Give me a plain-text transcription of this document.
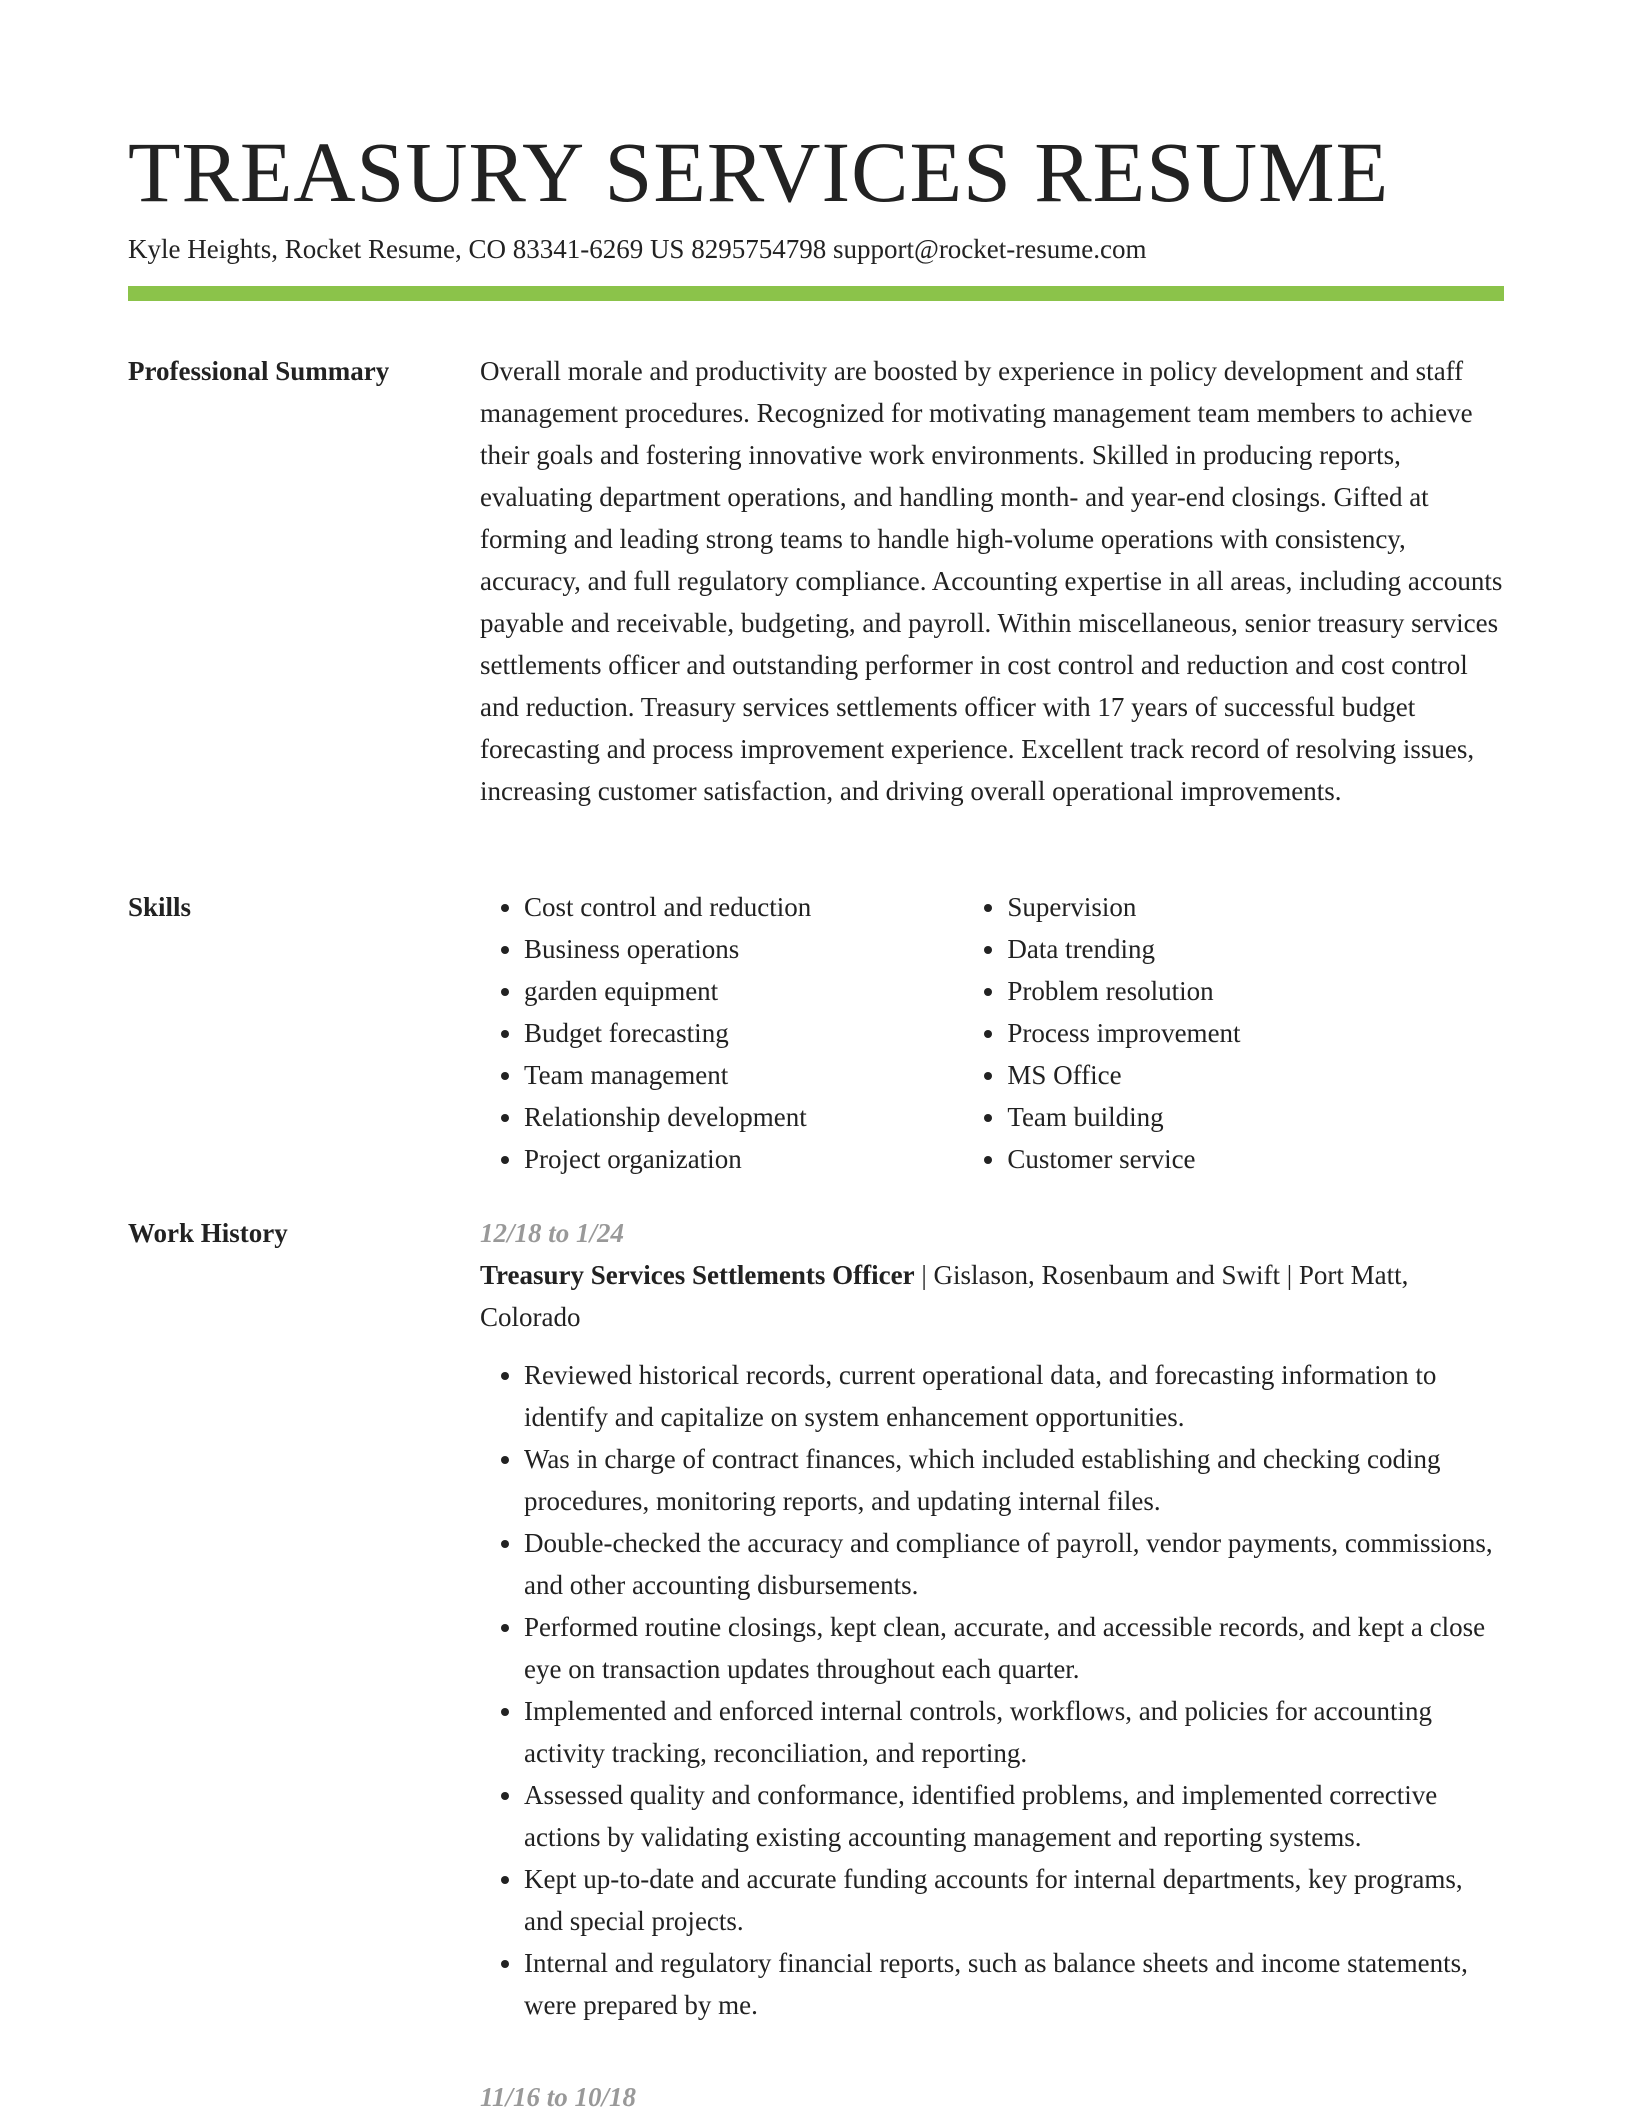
TREASURY SERVICES RESUME
Kyle Heights, Rocket Resume, CO 83341-6269 US 8295754798 support@rocket-resume.com
Professional Summary	Overall morale and productivity are boosted by experience in policy development and staff management procedures. Recognized for motivating management team members to achieve their goals and fostering innovative work environments. Skilled in producing reports, evaluating department operations, and handling month- and year-end closings. Gifted at forming and leading strong teams to handle high-volume operations with consistency, accuracy, and full regulatory compliance. Accounting expertise in all areas, including accounts payable and receivable, budgeting, and payroll. Within miscellaneous, senior treasury services settlements officer and outstanding performer in cost control and reduction and cost control and reduction. Treasury services settlements officer with 17 years of successful budget forecasting and process improvement experience. Excellent track record of resolving issues, increasing customer satisfaction, and driving overall operational improvements.

Skills
•	Cost control and reduction
• Business operations
• garden equipment
• Budget forecasting
• Team management
• Relationship development
• Project organization
• Supervision
• Data trending
• Problem resolution
• Process improvement
• MS Office
• Team building
• Customer service
Work History	12/18 to 1/24
Treasury Services Settlements Officer | Gislason, Rosenbaum and Swift | Port Matt, Colorado
• Reviewed historical records, current operational data, and forecasting information to identify and capitalize on system enhancement opportunities.
• Was in charge of contract finances, which included establishing and checking coding procedures, monitoring reports, and updating internal files.
• Double-checked the accuracy and compliance of payroll, vendor payments, commissions, and other accounting disbursements.
• Performed routine closings, kept clean, accurate, and accessible records, and kept a close eye on transaction updates throughout each quarter.
• Implemented and enforced internal controls, workflows, and policies for accounting activity tracking, reconciliation, and reporting.
• Assessed quality and conformance, identified problems, and implemented corrective actions by validating existing accounting management and reporting systems.
• Kept up-to-date and accurate funding accounts for internal departments, key programs, and special projects.
• Internal and regulatory financial reports, such as balance sheets and income statements, were prepared by me.
11/16 to 10/18
